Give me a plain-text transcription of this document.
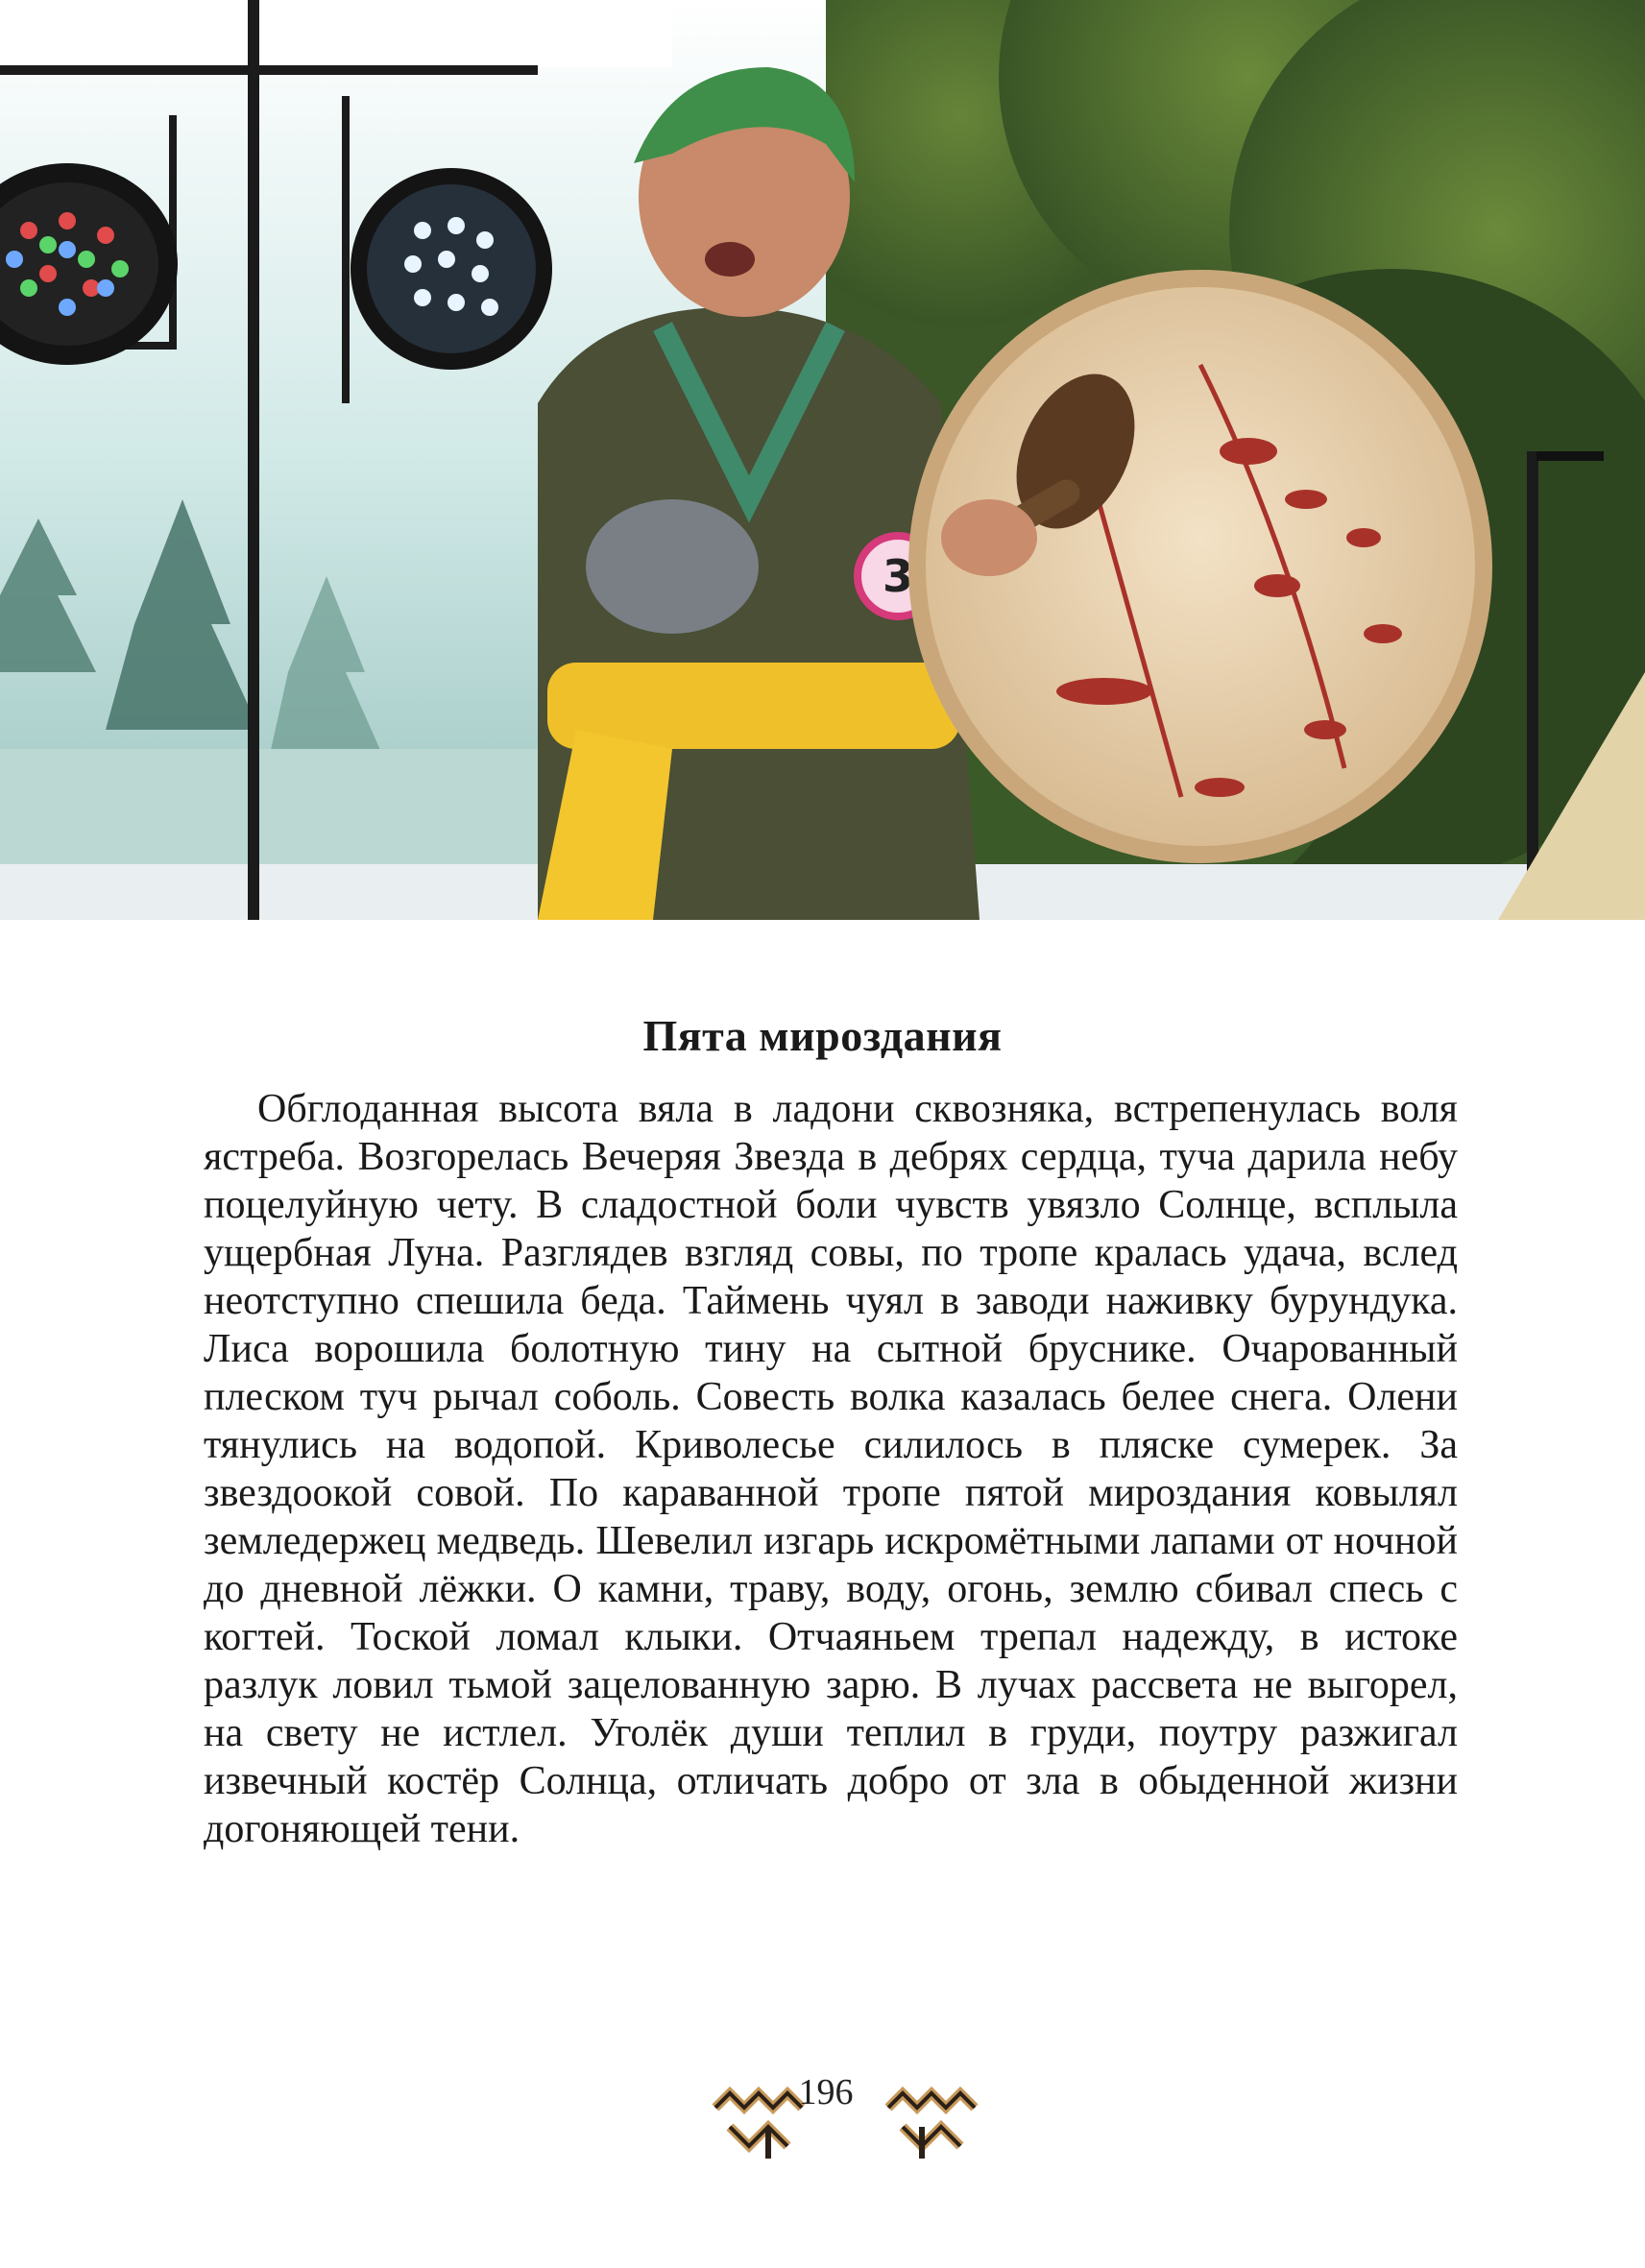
3
Пята мироздания

Обглоданная высота вяла в ладони сквозняка, встрепенулась воля ястреба. Возгорелась Вечеряя Звезда в дебрях сердца, туча дарила небу поцелуйную чету. В сладостной боли чувств увязло Солнце, всплыла ущербная Луна. Разглядев взгляд совы, по тропе кралась удача, вслед неотступно спешила беда. Таймень чуял в заводи наживку бурундука. Лиса ворошила болотную тину на сытной бруснике. Очарованный плеском туч рычал соболь. Совесть волка казалась белее снега. Олени тянулись на водопой. Криволесье силилось в пляске сумерек. За звездоокой совой. По караванной тропе пятой мироздания ковылял земледержец медведь. Шевелил изгарь искромётными лапами от ночной до дневной лёжки. О камни, траву, воду, огонь, землю сбивал спесь с когтей. Тоской ломал клыки. Отчаяньем трепал надежду, в истоке разлук ловил тьмой зацелованную зарю. В лучах рассвета не выгорел, на свету не истлел. Уголёк души теплил в груди, поутру разжигал извечный костёр Солнца, отличать добро от зла в обыденной жизни догоняющей тени.

196
